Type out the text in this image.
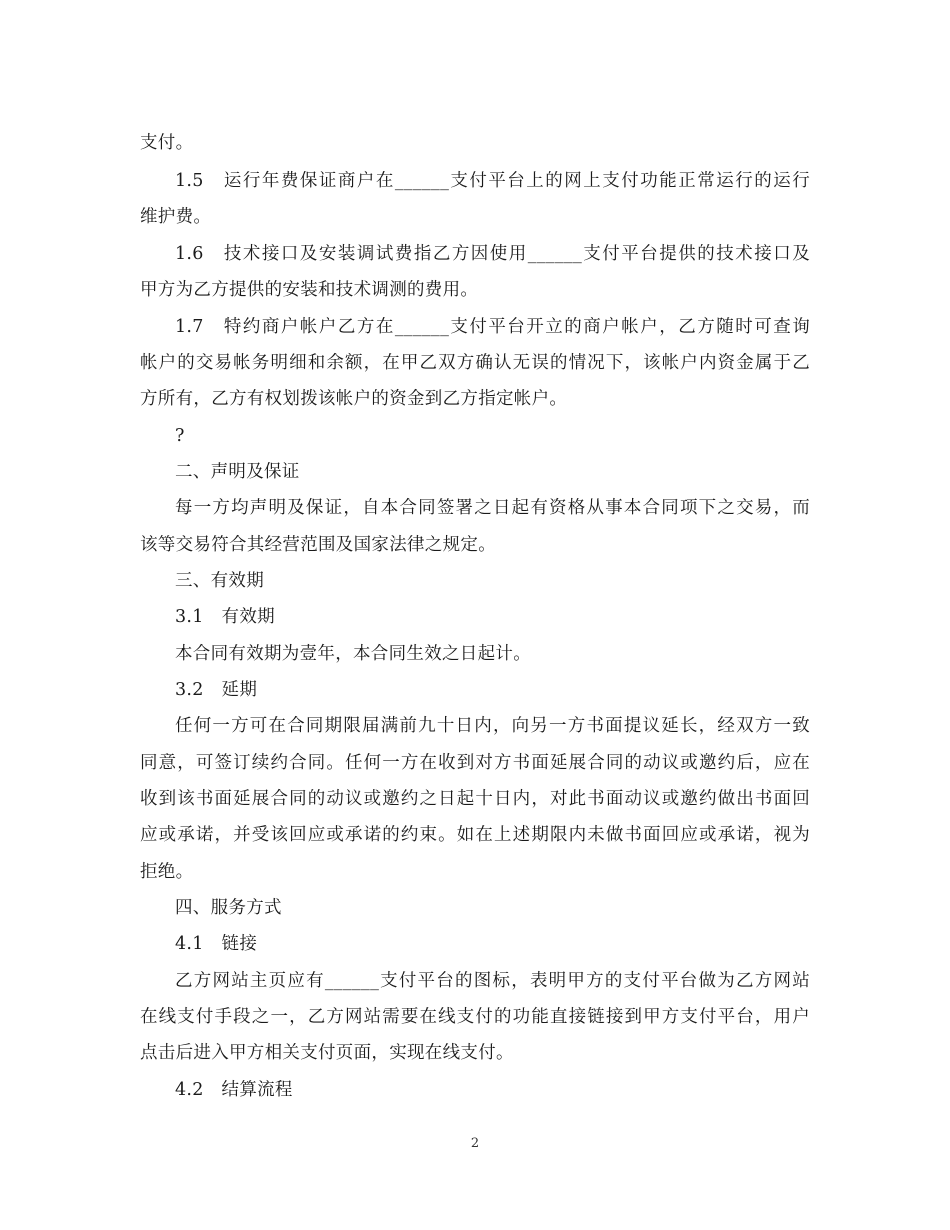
支付。
1.5　运行年费保证商户在______支付平台上的网上支付功能正常运行的运行
维护费。
1.6　技术接口及安装调试费指乙方因使用______支付平台提供的技术接口及
甲方为乙方提供的安装和技术调测的费用。
1.7　特约商户帐户乙方在______支付平台开立的商户帐户，乙方随时可查询
帐户的交易帐务明细和余额，在甲乙双方确认无误的情况下，该帐户内资金属于乙
方所有，乙方有权划拨该帐户的资金到乙方指定帐户。
?
二、声明及保证
每一方均声明及保证，自本合同签署之日起有资格从事本合同项下之交易，而
该等交易符合其经营范围及国家法律之规定。
三、有效期
3.1　有效期
本合同有效期为壹年，本合同生效之日起计。
3.2　延期
任何一方可在合同期限届满前九十日内，向另一方书面提议延长，经双方一致
同意，可签订续约合同。任何一方在收到对方书面延展合同的动议或邀约后，应在
收到该书面延展合同的动议或邀约之日起十日内，对此书面动议或邀约做出书面回
应或承诺，并受该回应或承诺的约束。如在上述期限内未做书面回应或承诺，视为
拒绝。
四、服务方式
4.1　链接
乙方网站主页应有______支付平台的图标，表明甲方的支付平台做为乙方网站
在线支付手段之一，乙方网站需要在线支付的功能直接链接到甲方支付平台，用户
点击后进入甲方相关支付页面，实现在线支付。
4.2　结算流程
2
